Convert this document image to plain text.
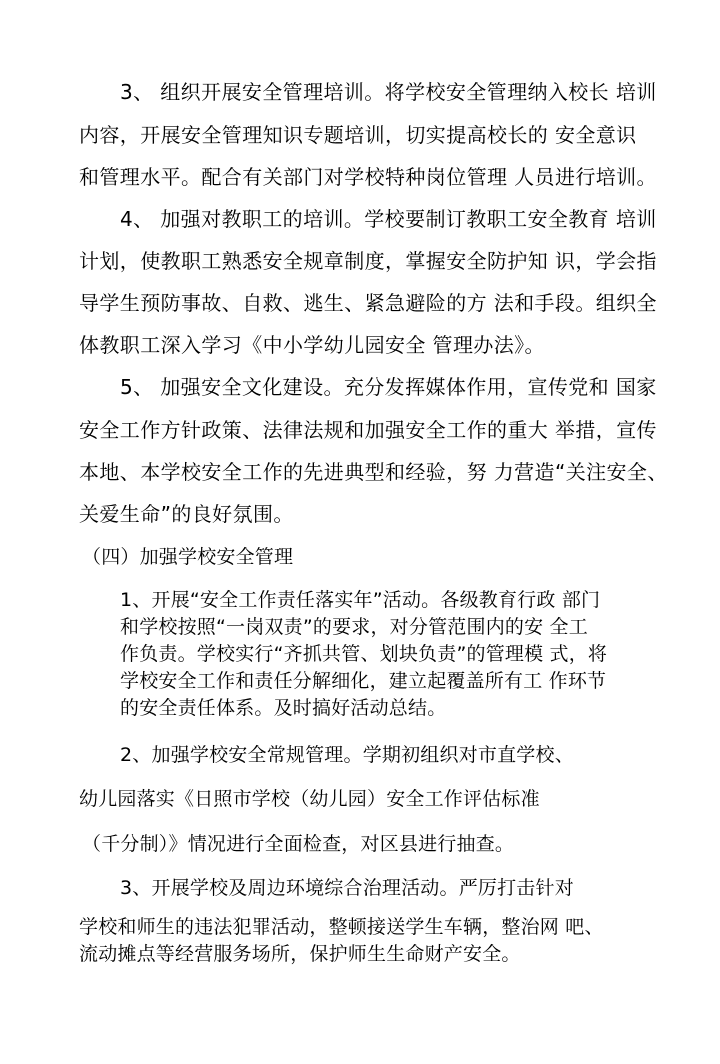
3、 组织开展安全管理培训。将学校安全管理纳入校长 培训
内容，开展安全管理知识专题培训，切实提高校长的 安全意识
和管理水平。配合有关部门对学校特种岗位管理 人员进行培训。
4、 加强对教职工的培训。学校要制订教职工安全教育 培训
计划，使教职工熟悉安全规章制度，掌握安全防护知 识，学会指
导学生预防事故、自救、逃生、紧急避险的方 法和手段。组织全
体教职工深入学习《中小学幼儿园安全 管理办法》。
5、 加强安全文化建设。充分发挥媒体作用，宣传党和 国家
安全工作方针政策、法律法规和加强安全工作的重大 举措，宣传
本地、本学校安全工作的先进典型和经验，努 力营造“关注安全、
关爱生命”的良好氛围。
（四）加强学校安全管理
1、开展“安全工作责任落实年”活动。各级教育行政 部门
和学校按照“一岗双责”的要求，对分管范围内的安 全工
作负责。学校实行“齐抓共管、划块负责”的管理模 式，将
学校安全工作和责任分解细化，建立起覆盖所有工 作环节
的安全责任体系。及时搞好活动总结。
2、加强学校安全常规管理。学期初组织对市直学校、
幼儿园落实《日照市学校（幼儿园）安全工作评估标准
（千分制）》情况进行全面检查，对区县进行抽查。
3、开展学校及周边环境综合治理活动。严厉打击针对
学校和师生的违法犯罪活动，整顿接送学生车辆，整治网 吧、
流动摊点等经营服务场所，保护师生生命财产安全。
